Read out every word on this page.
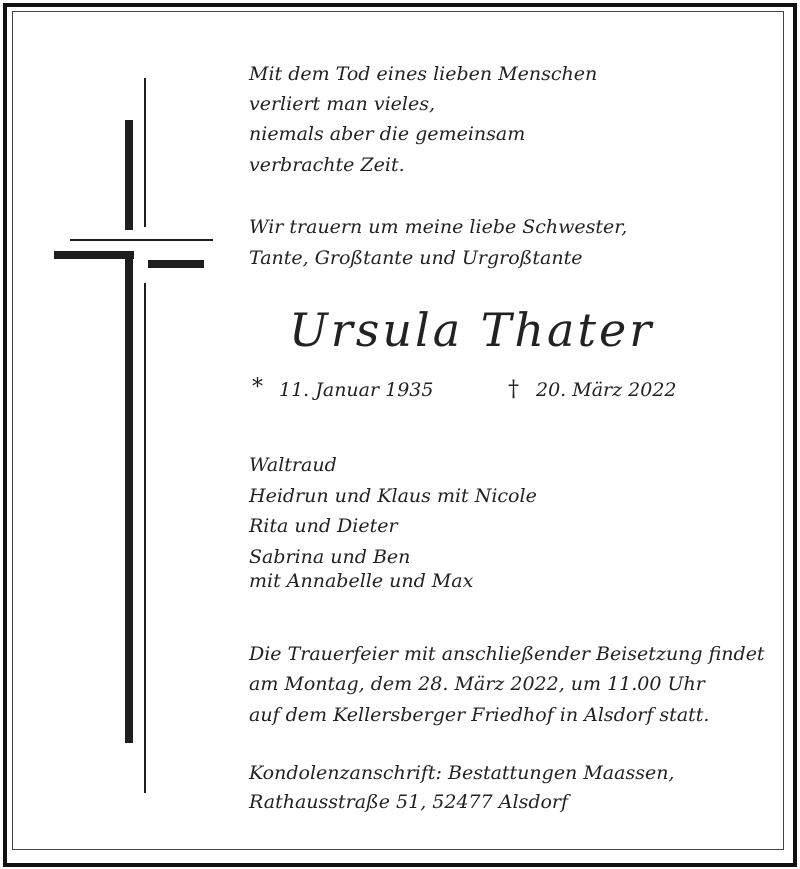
Mit dem Tod eines lieben Menschen
verliert man vieles,
niemals aber die gemeinsam
verbrachte Zeit.
Wir trauern um meine liebe Schwester,
Tante, Großtante und Urgroßtante
Ursula Thater
* 11. Januar 1935	† 20. März 2022
Waltraud
Heidrun und Klaus mit Nicole
Rita und Dieter
Sabrina und Ben
mit Annabelle und Max
Die Trauerfeier mit anschließender Beisetzung findet
am Montag, dem 28. März 2022, um 11.00 Uhr
auf dem Kellersberger Friedhof in Alsdorf statt.
Kondolenzanschrift: Bestattungen Maassen,
Rathausstraße 51, 52477 Alsdorf
